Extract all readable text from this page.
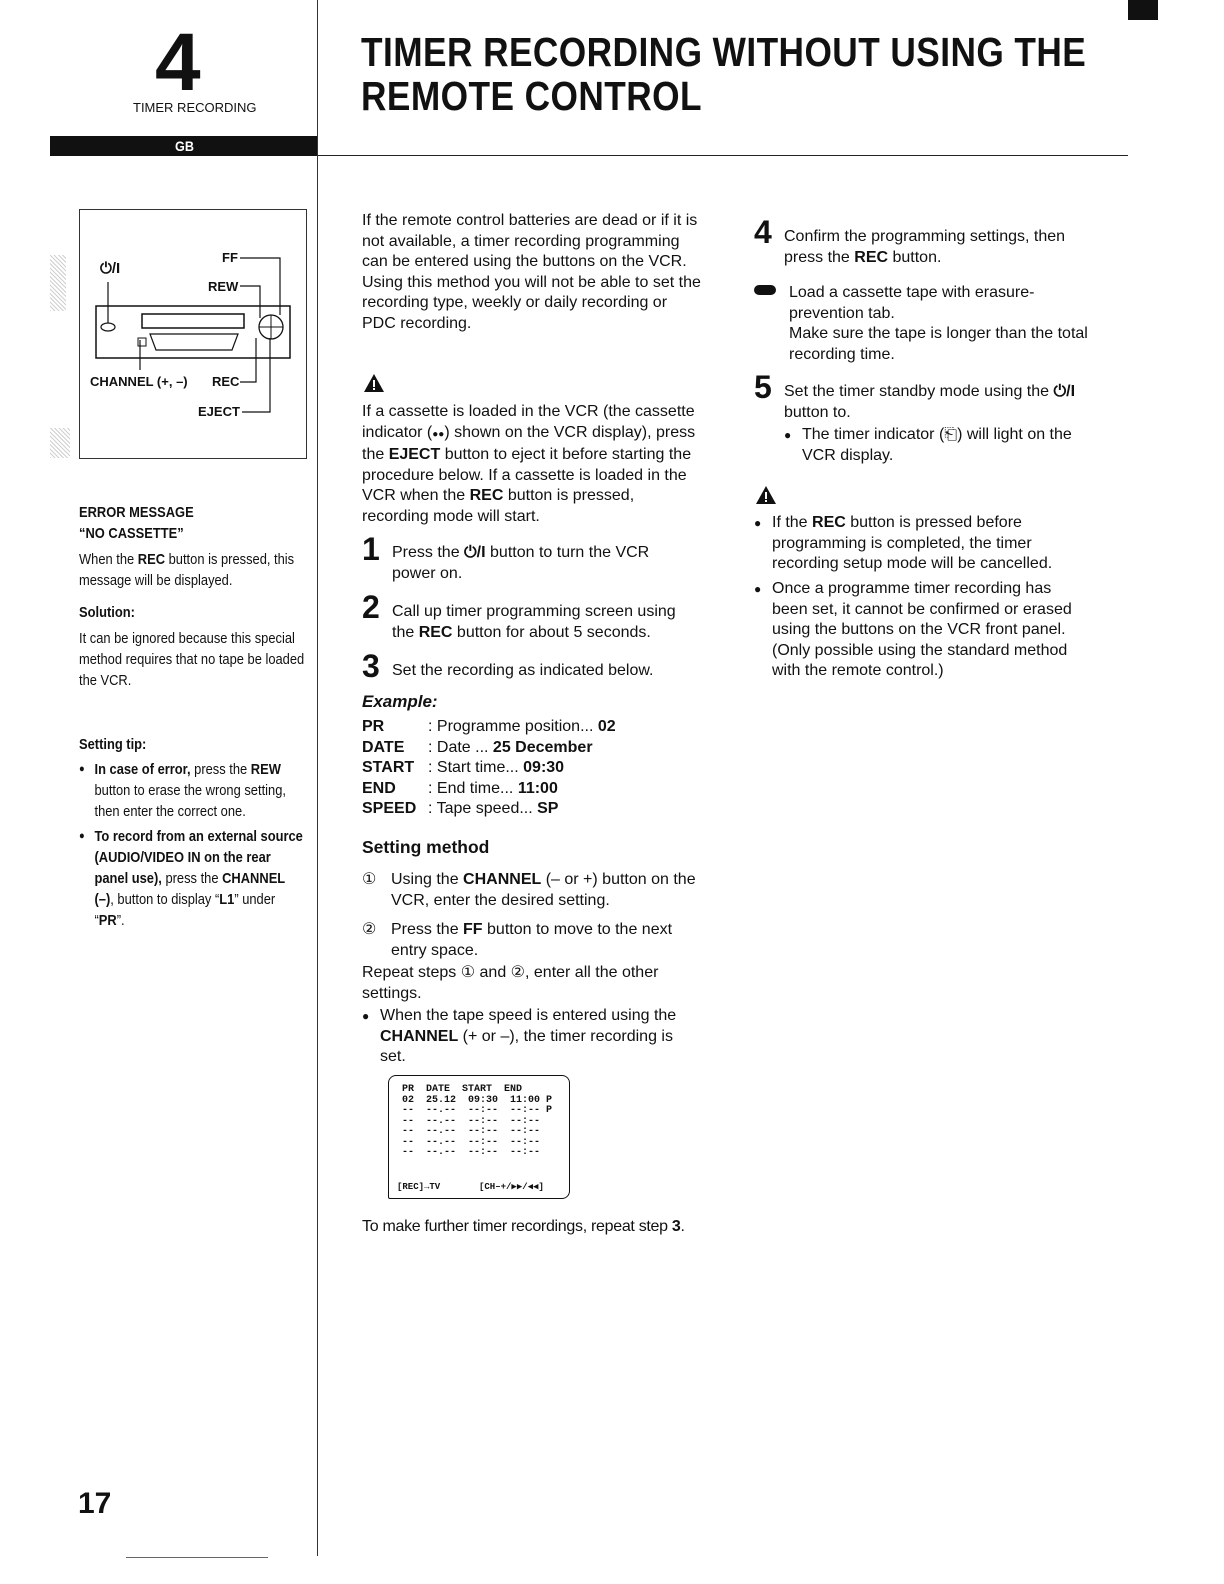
4
TIMER RECORDING
TIMER RECORDING WITHOUT USING THE
REMOTE CONTROL
GB
⏻/I
FF
REW
CHANNEL (+, –) REC
EJECT
ERROR MESSAGE
“NO CASSETTE”
When the REC button is pressed, this message will be displayed.
Solution:
It can be ignored because this special method requires that no tape be loaded the VCR.
Setting tip:
● In case of error, press the REW button to erase the wrong setting, then enter the correct one.
● To record from an external source (AUDIO/VIDEO IN on the rear panel use), press the CHANNEL (–), button to display “L1” under “PR”.
If the remote control batteries are dead or if it is not available, a timer recording programming can be entered using the buttons on the VCR.
Using this method you will not be able to set the recording type, weekly or daily recording or PDC recording.
If a cassette is loaded in the VCR (the cassette indicator (●●) shown on the VCR display), press the EJECT button to eject it before starting the procedure below. If a cassette is loaded in the VCR when the REC button is pressed, recording mode will start.
1 Press the ⏻/I button to turn the VCR power on.
2 Call up timer programming screen using the REC button for about 5 seconds.
3 Set the recording as indicated below.
Example:
PR	: Programme position... 02
DATE	: Date ... 25 December
START	: Start time... 09:30
END	: End time... 11:00
SPEED	: Tape speed... SP
Setting method
① Using the CHANNEL (– or +) button on the VCR, enter the desired setting.
② Press the FF button to move to the next entry space.
Repeat steps ① and ②, enter all the other settings.
● When the tape speed is entered using the CHANNEL (+ or –), the timer recording is set.
PR  DATE  START  END
02  25.12  09:30  11:00 P
--  --.--  --:--  --:-- P
--  --.--  --:--  --:--
--  --.--  --:--  --:--
--  --.--  --:--  --:--
--  --.--  --:--  --:--
[REC]→TV	[CH–+/▶▶/◀◀]
To make further timer recordings, repeat step 3.
4 Confirm the programming settings, then press the REC button.
Load a cassette tape with erasure-prevention tab.
Make sure the tape is longer than the total recording time.
5 Set the timer standby mode using the ⏻/I button to.
● The timer indicator (⎗) will light on the VCR display.
● If the REC button is pressed before programming is completed, the timer recording setup mode will be cancelled.
● Once a programme timer recording has been set, it cannot be confirmed or erased using the buttons on the VCR front panel. (Only possible using the standard method with the remote control.)
17
